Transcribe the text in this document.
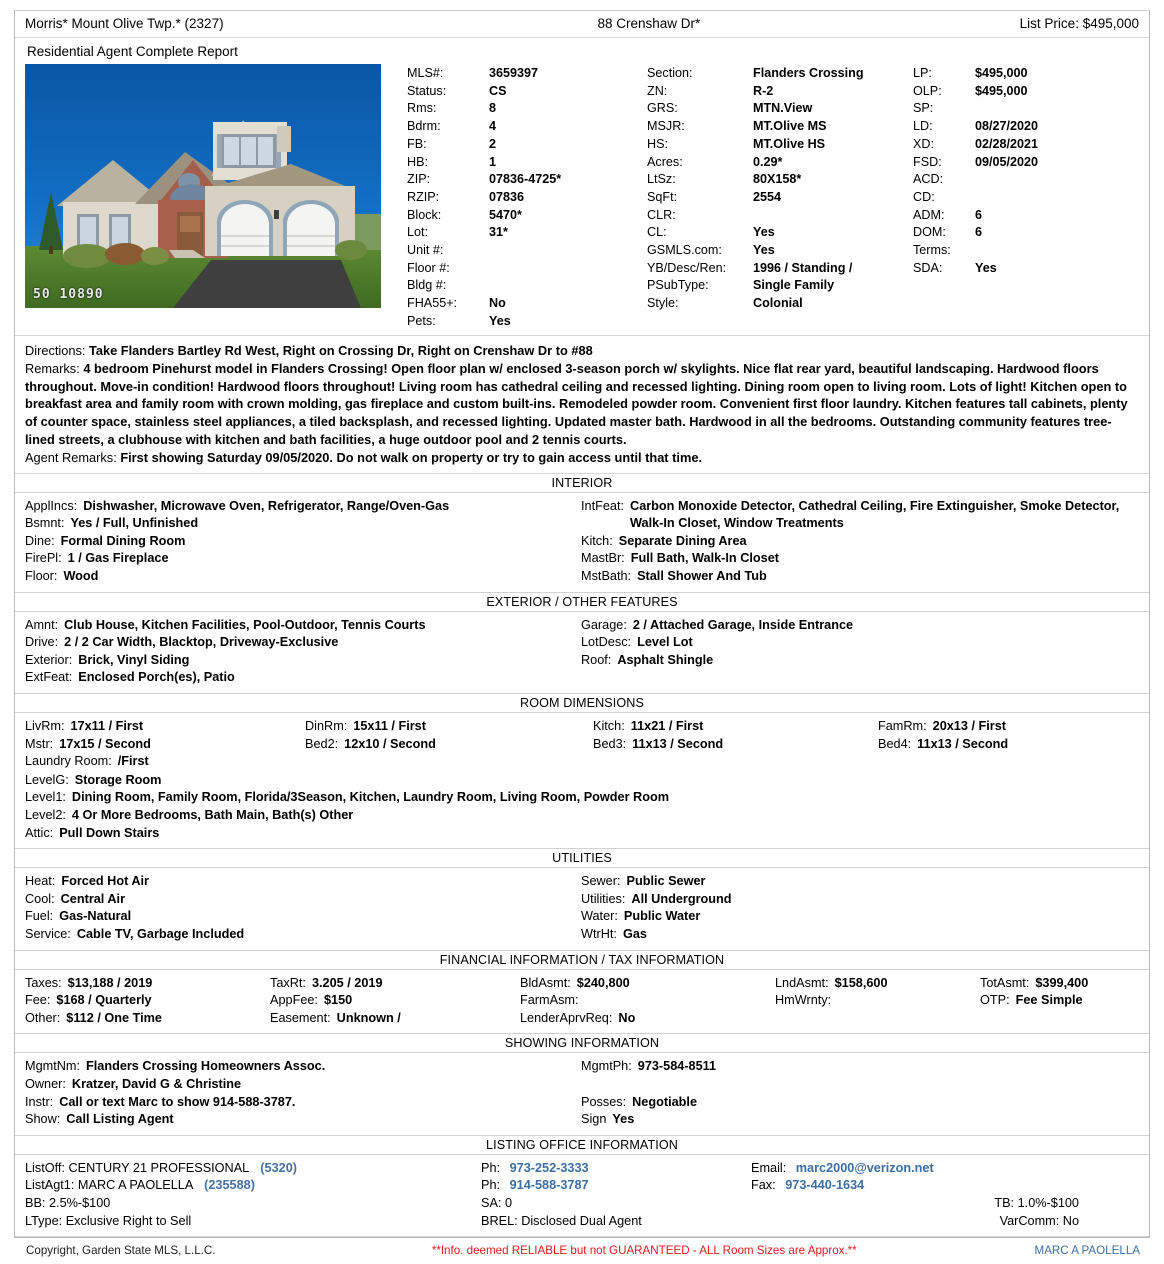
Morris* Mount Olive Twp.* (2327)	88 Crenshaw Dr*	List Price: $495,000
Residential Agent Complete Report
50 10890
MLS#:	3659397
Status:	CS
Rms:	8
Bdrm:	4
FB:	2
HB:	1
ZIP:	07836-4725*
RZIP:	07836
Block:	5470*
Lot:	31*
Unit #:
Floor #:
Bldg #:
FHA55+:	No
Pets:	Yes
Section:	Flanders Crossing
ZN:	R-2
GRS:	MTN.View
MSJR:	MT.Olive MS
HS:	MT.Olive HS
Acres:	0.29*
LtSz:	80X158*
SqFt:	2554
CLR:
CL:	Yes
GSMLS.com:	Yes
YB/Desc/Ren:	1996 / Standing /
PSubType:	Single Family
Style:	Colonial
LP:	$495,000
OLP:	$495,000
SP:
LD:	08/27/2020
XD:	02/28/2021
FSD:	09/05/2020
ACD:
CD:
ADM:	6
DOM:	6
Terms:
SDA:	Yes
Directions: Take Flanders Bartley Rd West, Right on Crossing Dr, Right on Crenshaw Dr to #88
Remarks: 4 bedroom Pinehurst model in Flanders Crossing! Open floor plan w/ enclosed 3-season porch w/ skylights. Nice flat rear yard, beautiful landscaping. Hardwood floors throughout. Move-in condition! Hardwood floors throughout! Living room has cathedral ceiling and recessed lighting. Dining room open to living room. Lots of light! Kitchen open to breakfast area and family room with crown molding, gas fireplace and custom built-ins. Remodeled powder room. Convenient first floor laundry. Kitchen features tall cabinets, plenty of counter space, stainless steel appliances, a tiled backsplash, and recessed lighting. Updated master bath. Hardwood in all the bedrooms. Outstanding community features tree-lined streets, a clubhouse with kitchen and bath facilities, a huge outdoor pool and 2 tennis courts.
Agent Remarks: First showing Saturday 09/05/2020. Do not walk on property or try to gain access until that time.
INTERIOR
ApplIncs: Dishwasher, Microwave Oven, Refrigerator, Range/Oven-Gas
Bsmnt: Yes / Full, Unfinished
Dine: Formal Dining Room
FirePl: 1 / Gas Fireplace
Floor: Wood
IntFeat: Carbon Monoxide Detector, Cathedral Ceiling, Fire Extinguisher, Smoke Detector, Walk-In Closet, Window Treatments
Kitch: Separate Dining Area
MastBr: Full Bath, Walk-In Closet
MstBath: Stall Shower And Tub
EXTERIOR / OTHER FEATURES
Amnt: Club House, Kitchen Facilities, Pool-Outdoor, Tennis Courts
Drive: 2 / 2 Car Width, Blacktop, Driveway-Exclusive
Exterior: Brick, Vinyl Siding
ExtFeat: Enclosed Porch(es), Patio
Garage: 2 / Attached Garage, Inside Entrance
LotDesc: Level Lot
Roof: Asphalt Shingle
ROOM DIMENSIONS
LivRm: 17x11 / First
Mstr: 17x15 / Second
Laundry Room: /First
DinRm: 15x11 / First
Bed2: 12x10 / Second
Kitch: 11x21 / First
Bed3: 11x13 / Second
FamRm: 20x13 / First
Bed4: 11x13 / Second
LevelG: Storage Room
Level1: Dining Room, Family Room, Florida/3Season, Kitchen, Laundry Room, Living Room, Powder Room
Level2: 4 Or More Bedrooms, Bath Main, Bath(s) Other
Attic: Pull Down Stairs
UTILITIES
Heat: Forced Hot Air
Cool: Central Air
Fuel: Gas-Natural
Service: Cable TV, Garbage Included
Sewer: Public Sewer
Utilities: All Underground
Water: Public Water
WtrHt: Gas
FINANCIAL INFORMATION / TAX INFORMATION
Taxes: $13,188 / 2019
Fee: $168 / Quarterly
Other: $112 / One Time
TaxRt: 3.205 / 2019
AppFee: $150
Easement: Unknown /
BldAsmt: $240,800
FarmAsm:
LenderAprvReq: No
LndAsmt: $158,600
HmWrnty:
TotAsmt: $399,400
OTP: Fee Simple
SHOWING INFORMATION
MgmtNm: Flanders Crossing Homeowners Assoc.
Owner: Kratzer, David G & Christine
Instr: Call or text Marc to show 914-588-3787.
Show: Call Listing Agent
MgmtPh: 973-584-8511
Posses: Negotiable
Sign Yes
LISTING OFFICE INFORMATION
ListOff: CENTURY 21 PROFESSIONAL (5320)	Ph: 973-252-3333	Email: marc2000@verizon.net
ListAgt1: MARC A PAOLELLA (235588)	Ph: 914-588-3787	Fax: 973-440-1634
BB: 2.5%-$100	SA: 0	TB: 1.0%-$100
LType: Exclusive Right to Sell	BREL: Disclosed Dual Agent	VarComm: No
Copyright, Garden State MLS, L.L.C.	**Info. deemed RELIABLE but not GUARANTEED - ALL Room Sizes are Approx.**	MARC A PAOLELLA
